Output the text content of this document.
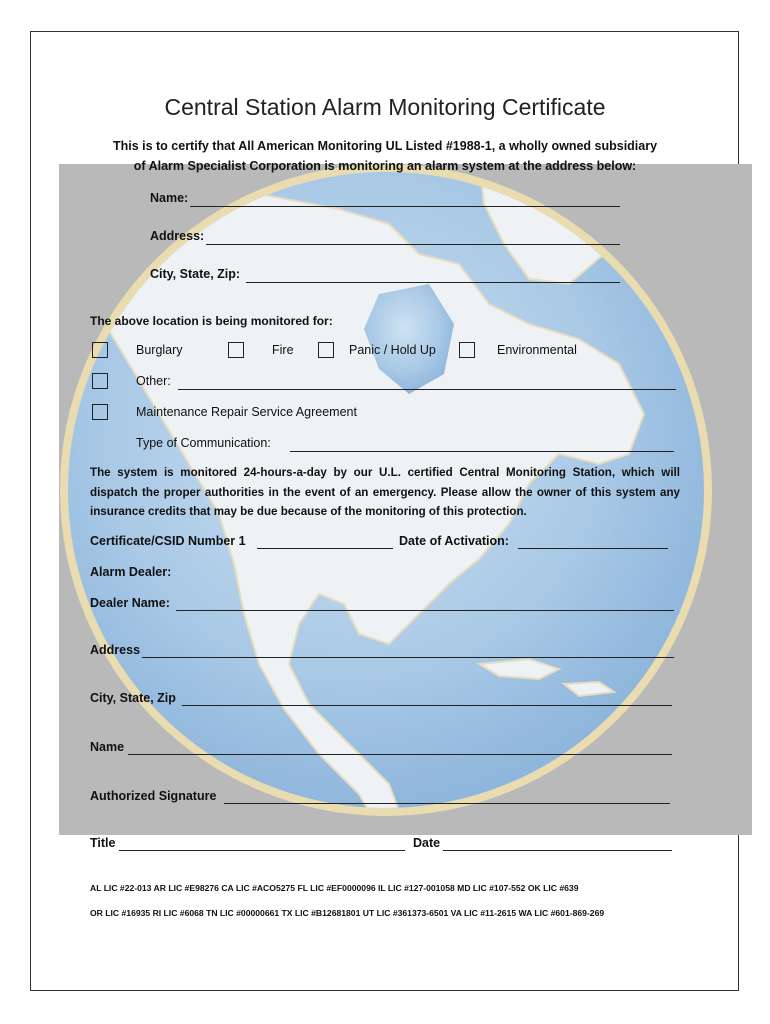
Central Station Alarm Monitoring Certificate
This is to certify that All American Monitoring UL Listed #1988-1, a wholly owned subsidiary
of Alarm Specialist Corporation is monitoring an alarm system at the address below:
Name:
Address:
City, State, Zip:
The above location is being monitored for:
Burglary	Fire	Panic / Hold Up	Environmental
Other:
Maintenance Repair Service Agreement
Type of Communication:
The system is monitored 24-hours-a-day by our U.L. certified Central Monitoring Station, which will dispatch the proper authorities in the event of an emergency. Please allow the owner of this system any insurance credits that may be due because of the monitoring of this protection.
Certificate/CSID Number 1	Date of Activation:
Alarm Dealer:
Dealer Name:
Address
City, State, Zip
Name
Authorized Signature
Title	Date
AL LIC #22-013 AR LIC #E98276 CA LIC #ACO5275 FL LIC #EF0000096 IL LIC #127-001058 MD LIC #107-552 OK LIC #639
OR LIC #16935 RI LIC #6068 TN LIC #00000661 TX LIC #B12681801 UT LIC #361373-6501 VA LIC #11-2615 WA LIC #601-869-269
